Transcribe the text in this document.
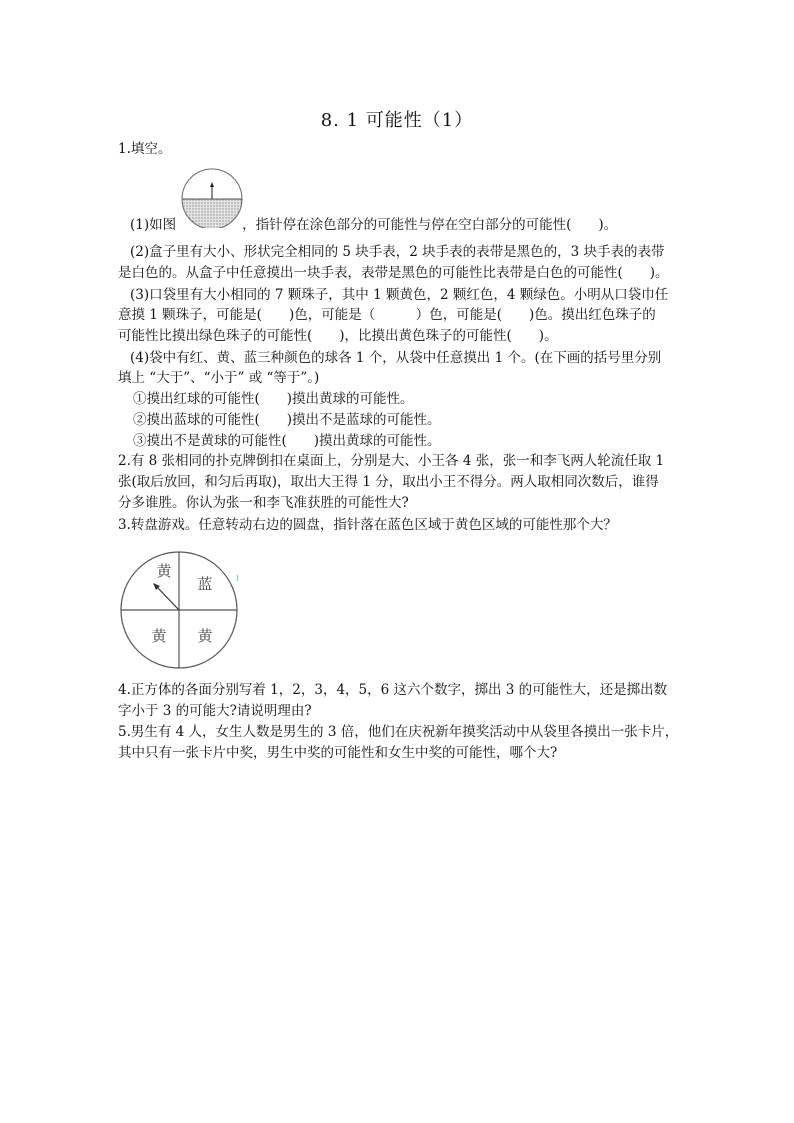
8. 1 可能性（1）
1.填空。
(1)如图	，指针停在涂色部分的可能性与停在空白部分的可能性(　　)。
(2)盒子里有大小、形状完全相同的 5 块手表，2 块手表的表带是黑色的，3 块手表的表带
是白色的。从盒子中任意摸出一块手表，表带是黑色的可能性比表带是白色的可能性(　　)。
(3)口袋里有大小相同的 7 颗珠子，其中 1 颗黄色，2 颗红色，4 颗绿色。小明从口袋巾任
意摸 1 颗珠子，可能是(　　)色，可能是（　　　）色，可能是(　　)色。摸出红色珠子的
可能性比摸出绿色珠子的可能性(　　)，比摸出黄色珠子的可能性(　　)。
(4)袋中有红、黄、蓝三种颜色的球各 1 个，从袋中任意摸出 1 个。(在下画的括号里分别
填上 “大于”、“小于” 或 “等于”。)
①摸出红球的可能性(　　)摸出黄球的可能性。
②摸出蓝球的可能性(　　)摸出不是蓝球的可能性。
③摸出不是黄球的可能性(　　)摸出黄球的可能性。
2.有 8 张相同的扑克牌倒扣在桌面上，分别是大、小王各 4 张，张一和李飞两人轮流任取 1
张(取后放回，和匀后再取)，取出大王得 1 分，取出小王不得分。两人取相同次数后，谁得
分多谁胜。你认为张一和李飞准获胜的可能性大?
3.转盘游戏。任意转动右边的圆盘，指针落在蓝色区域于黄色区域的可能性那个大？
黄
蓝
黄 黄
4.正方体的各面分别写着 1，2，3，4，5，6 这六个数字，掷出 3 的可能性大，还是掷出数
字小于 3 的可能大?请说明理由?
5.男生有 4 人，女生人数是男生的 3 倍，他们在庆祝新年摸奖活动中从袋里各摸出一张卡片，
其中只有一张卡片中奖，男生中奖的可能性和女生中奖的可能性，哪个大?
